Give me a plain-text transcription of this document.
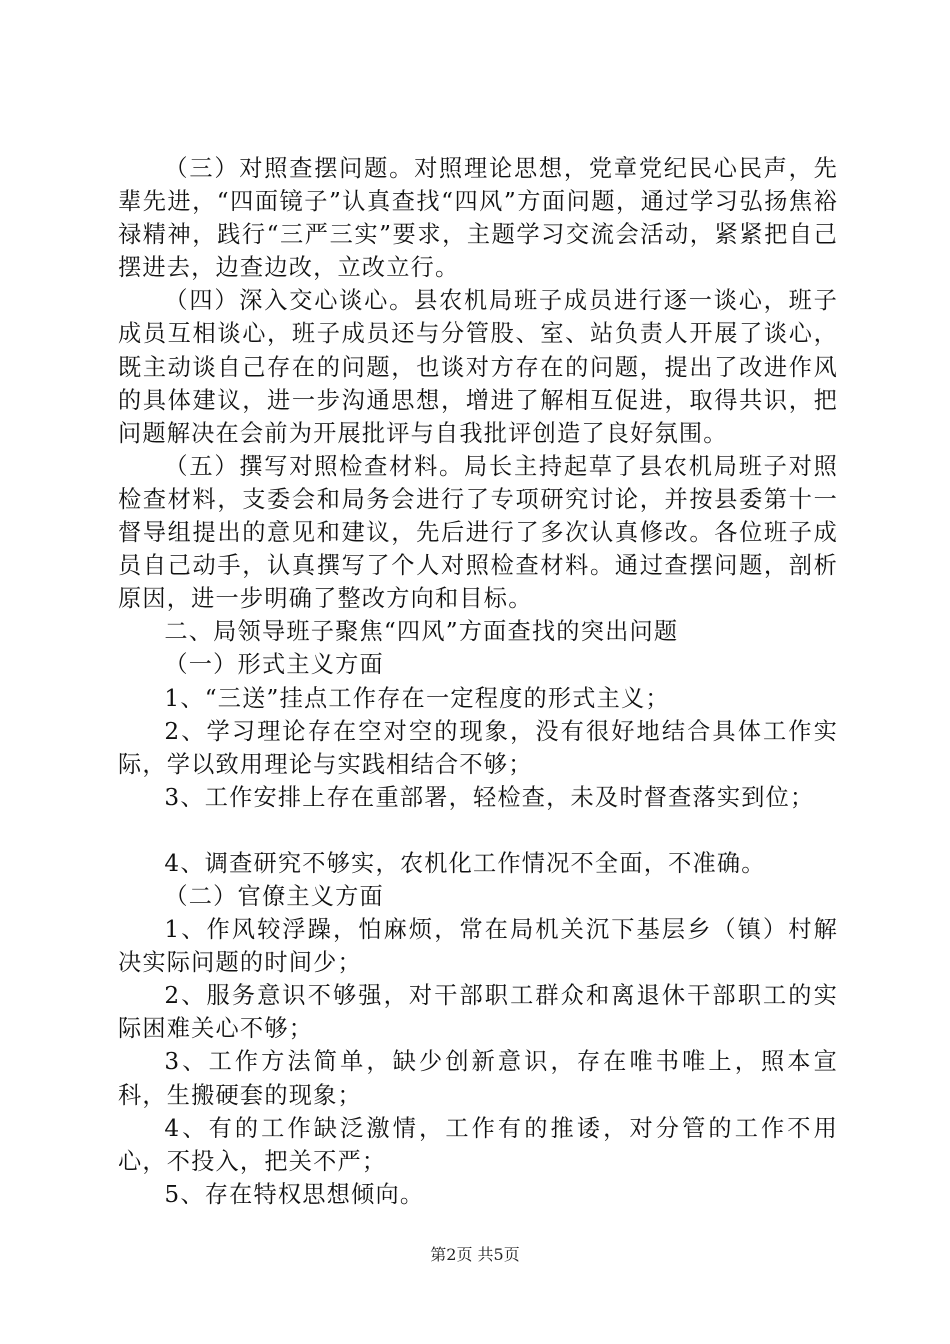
（三）对照查摆问题。对照理论思想，党章党纪民心民声，先辈先进，“四面镜子”认真查找“四风”方面问题，通过学习弘扬焦裕禄精神，践行“三严三实”要求，主题学习交流会活动，紧紧把自己摆进去，边查边改，立改立行。

（四）深入交心谈心。县农机局班子成员进行逐一谈心，班子成员互相谈心，班子成员还与分管股、室、站负责人开展了谈心，既主动谈自己存在的问题，也谈对方存在的问题，提出了改进作风的具体建议，进一步沟通思想，增进了解相互促进，取得共识，把问题解决在会前为开展批评与自我批评创造了良好氛围。

（五）撰写对照检查材料。局长主持起草了县农机局班子对照检查材料，支委会和局务会进行了专项研究讨论，并按县委第十一督导组提出的意见和建议，先后进行了多次认真修改。各位班子成员自己动手，认真撰写了个人对照检查材料。通过查摆问题，剖析原因，进一步明确了整改方向和目标。

二、局领导班子聚焦“四风”方面查找的突出问题

（一）形式主义方面

1、“三送”挂点工作存在一定程度的形式主义；

2、学习理论存在空对空的现象，没有很好地结合具体工作实际，学以致用理论与实践相结合不够；

3、工作安排上存在重部署，轻检查，未及时督查落实到位；

4、调查研究不够实，农机化工作情况不全面，不准确。

（二）官僚主义方面

1、作风较浮躁，怕麻烦，常在局机关沉下基层乡（镇）村解决实际问题的时间少；

2、服务意识不够强，对干部职工群众和离退休干部职工的实际困难关心不够；

3、工作方法简单，缺少创新意识，存在唯书唯上，照本宣科，生搬硬套的现象；

4、有的工作缺泛激情，工作有的推诿，对分管的工作不用心，不投入，把关不严；

5、存在特权思想倾向。

第2页 共5页
